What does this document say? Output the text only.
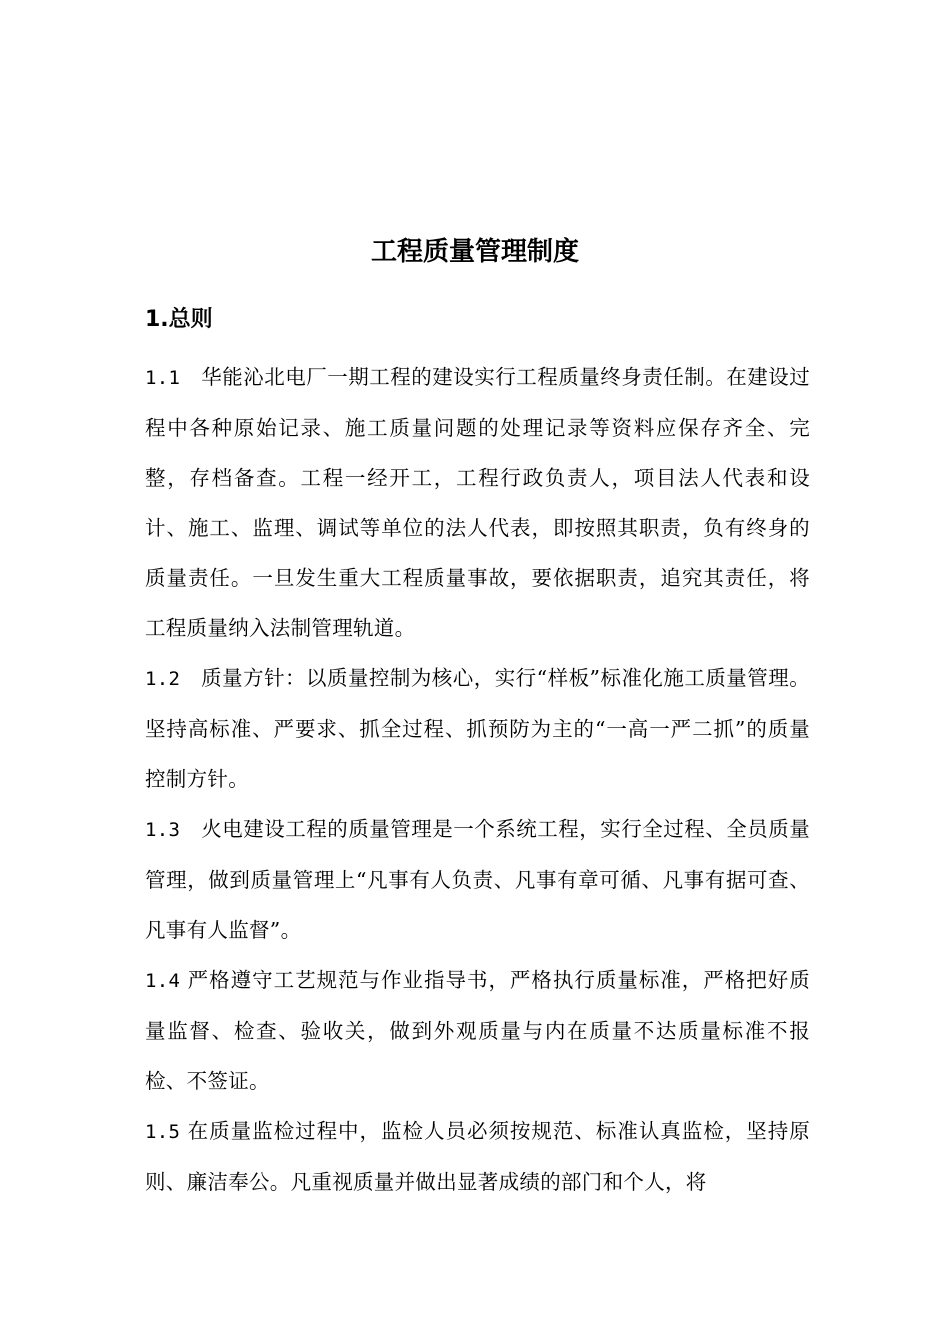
工程质量管理制度
1.总则

1.1 华能沁北电厂一期工程的建设实行工程质量终身责任制。在建设过程中各种原始记录、施工质量问题的处理记录等资料应保存齐全、完整，存档备查。工程一经开工，工程行政负责人，项目法人代表和设计、施工、监理、调试等单位的法人代表，即按照其职责，负有终身的质量责任。一旦发生重大工程质量事故，要依据职责，追究其责任，将工程质量纳入法制管理轨道。

1.2 质量方针：以质量控制为核心，实行“样板”标准化施工质量管理。坚持高标准、严要求、抓全过程、抓预防为主的“一高一严二抓”的质量控制方针。

1.3 火电建设工程的质量管理是一个系统工程，实行全过程、全员质量管理，做到质量管理上“凡事有人负责、凡事有章可循、凡事有据可查、凡事有人监督”。

1.4 严格遵守工艺规范与作业指导书，严格执行质量标准，严格把好质量监督、检查、验收关，做到外观质量与内在质量不达质量标准不报检、不签证。

1.5 在质量监检过程中，监检人员必须按规范、标准认真监检，坚持原则、廉洁奉公。凡重视质量并做出显著成绩的部门和个人，将
